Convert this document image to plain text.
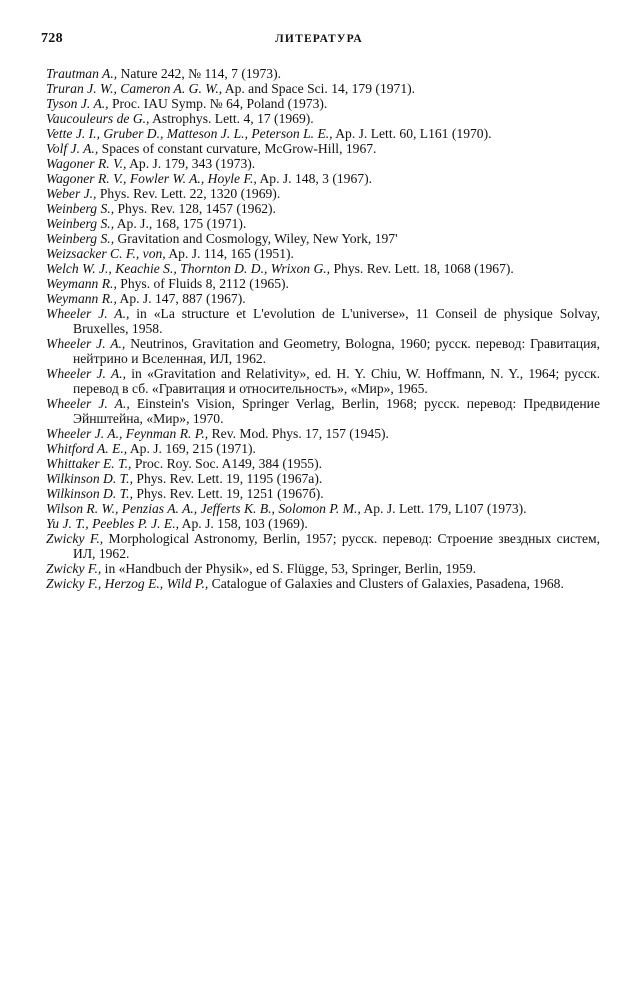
728	ЛИТЕРАТУРА
Trautman A., Nature 242, № 114, 7 (1973).
Truran J. W., Cameron A. G. W., Ap. and Space Sci. 14, 179 (1971).
Tyson J. A., Proc. IAU Symp. № 64, Poland (1973).
Vaucouleurs de G., Astrophys. Lett. 4, 17 (1969).
Vette J. I., Gruber D., Matteson J. L., Peterson L. E., Ap. J. Lett. 60, L161 (1970).
Volf J. A., Spaces of constant curvature, McGrow-Hill, 1967.
Wagoner R. V., Ap. J. 179, 343 (1973).
Wagoner R. V., Fowler W. A., Hoyle F., Ap. J. 148, 3 (1967).
Weber J., Phys. Rev. Lett. 22, 1320 (1969).
Weinberg S., Phys. Rev. 128, 1457 (1962).
Weinberg S., Ap. J., 168, 175 (1971).
Weinberg S., Gravitation and Cosmology, Wiley, New York, 197'
Weizsacker C. F., von, Ap. J. 114, 165 (1951).
Welch W. J., Keachie S., Thornton D. D., Wrixon G., Phys. Rev. Lett. 18, 1068 (1967).
Weymann R., Phys. of Fluids 8, 2112 (1965).
Weymann R., Ap. J. 147, 887 (1967).
Wheeler J. A., in «La structure et L'evolution de L'universe», 11 Conseil de physique Solvay, Bruxelles, 1958.
Wheeler J. A., Neutrinos, Gravitation and Geometry, Bologna, 1960; русск. перевод: Гравитация, нейтрино и Вселенная, ИЛ, 1962.
Wheeler J. A., in «Gravitation and Relativity», ed. H. Y. Chiu, W. Hoffmann, N. Y., 1964; русск. перевод в сб. «Гравитация и относительность», «Мир», 1965.
Wheeler J. A., Einstein's Vision, Springer Verlag, Berlin, 1968; русск. перевод: Предвидение Эйнштейна, «Мир», 1970.
Wheeler J. A., Feynman R. P., Rev. Mod. Phys. 17, 157 (1945).
Whitford A. E., Ap. J. 169, 215 (1971).
Whittaker E. T., Proc. Roy. Soc. A149, 384 (1955).
Wilkinson D. T., Phys. Rev. Lett. 19, 1195 (1967a).
Wilkinson D. T., Phys. Rev. Lett. 19, 1251 (1967б).
Wilson R. W., Penzias A. A., Jefferts K. B., Solomon P. M., Ap. J. Lett. 179, L107 (1973).
Yu J. T., Peebles P. J. E., Ap. J. 158, 103 (1969).
Zwicky F., Morphological Astronomy, Berlin, 1957; русск. перевод: Строение звездных систем, ИЛ, 1962.
Zwicky F., in «Handbuch der Physik», ed S. Flügge, 53, Springer, Berlin, 1959.
Zwicky F., Herzog E., Wild P., Catalogue of Galaxies and Clusters of Galaxies, Pasadena, 1968.
